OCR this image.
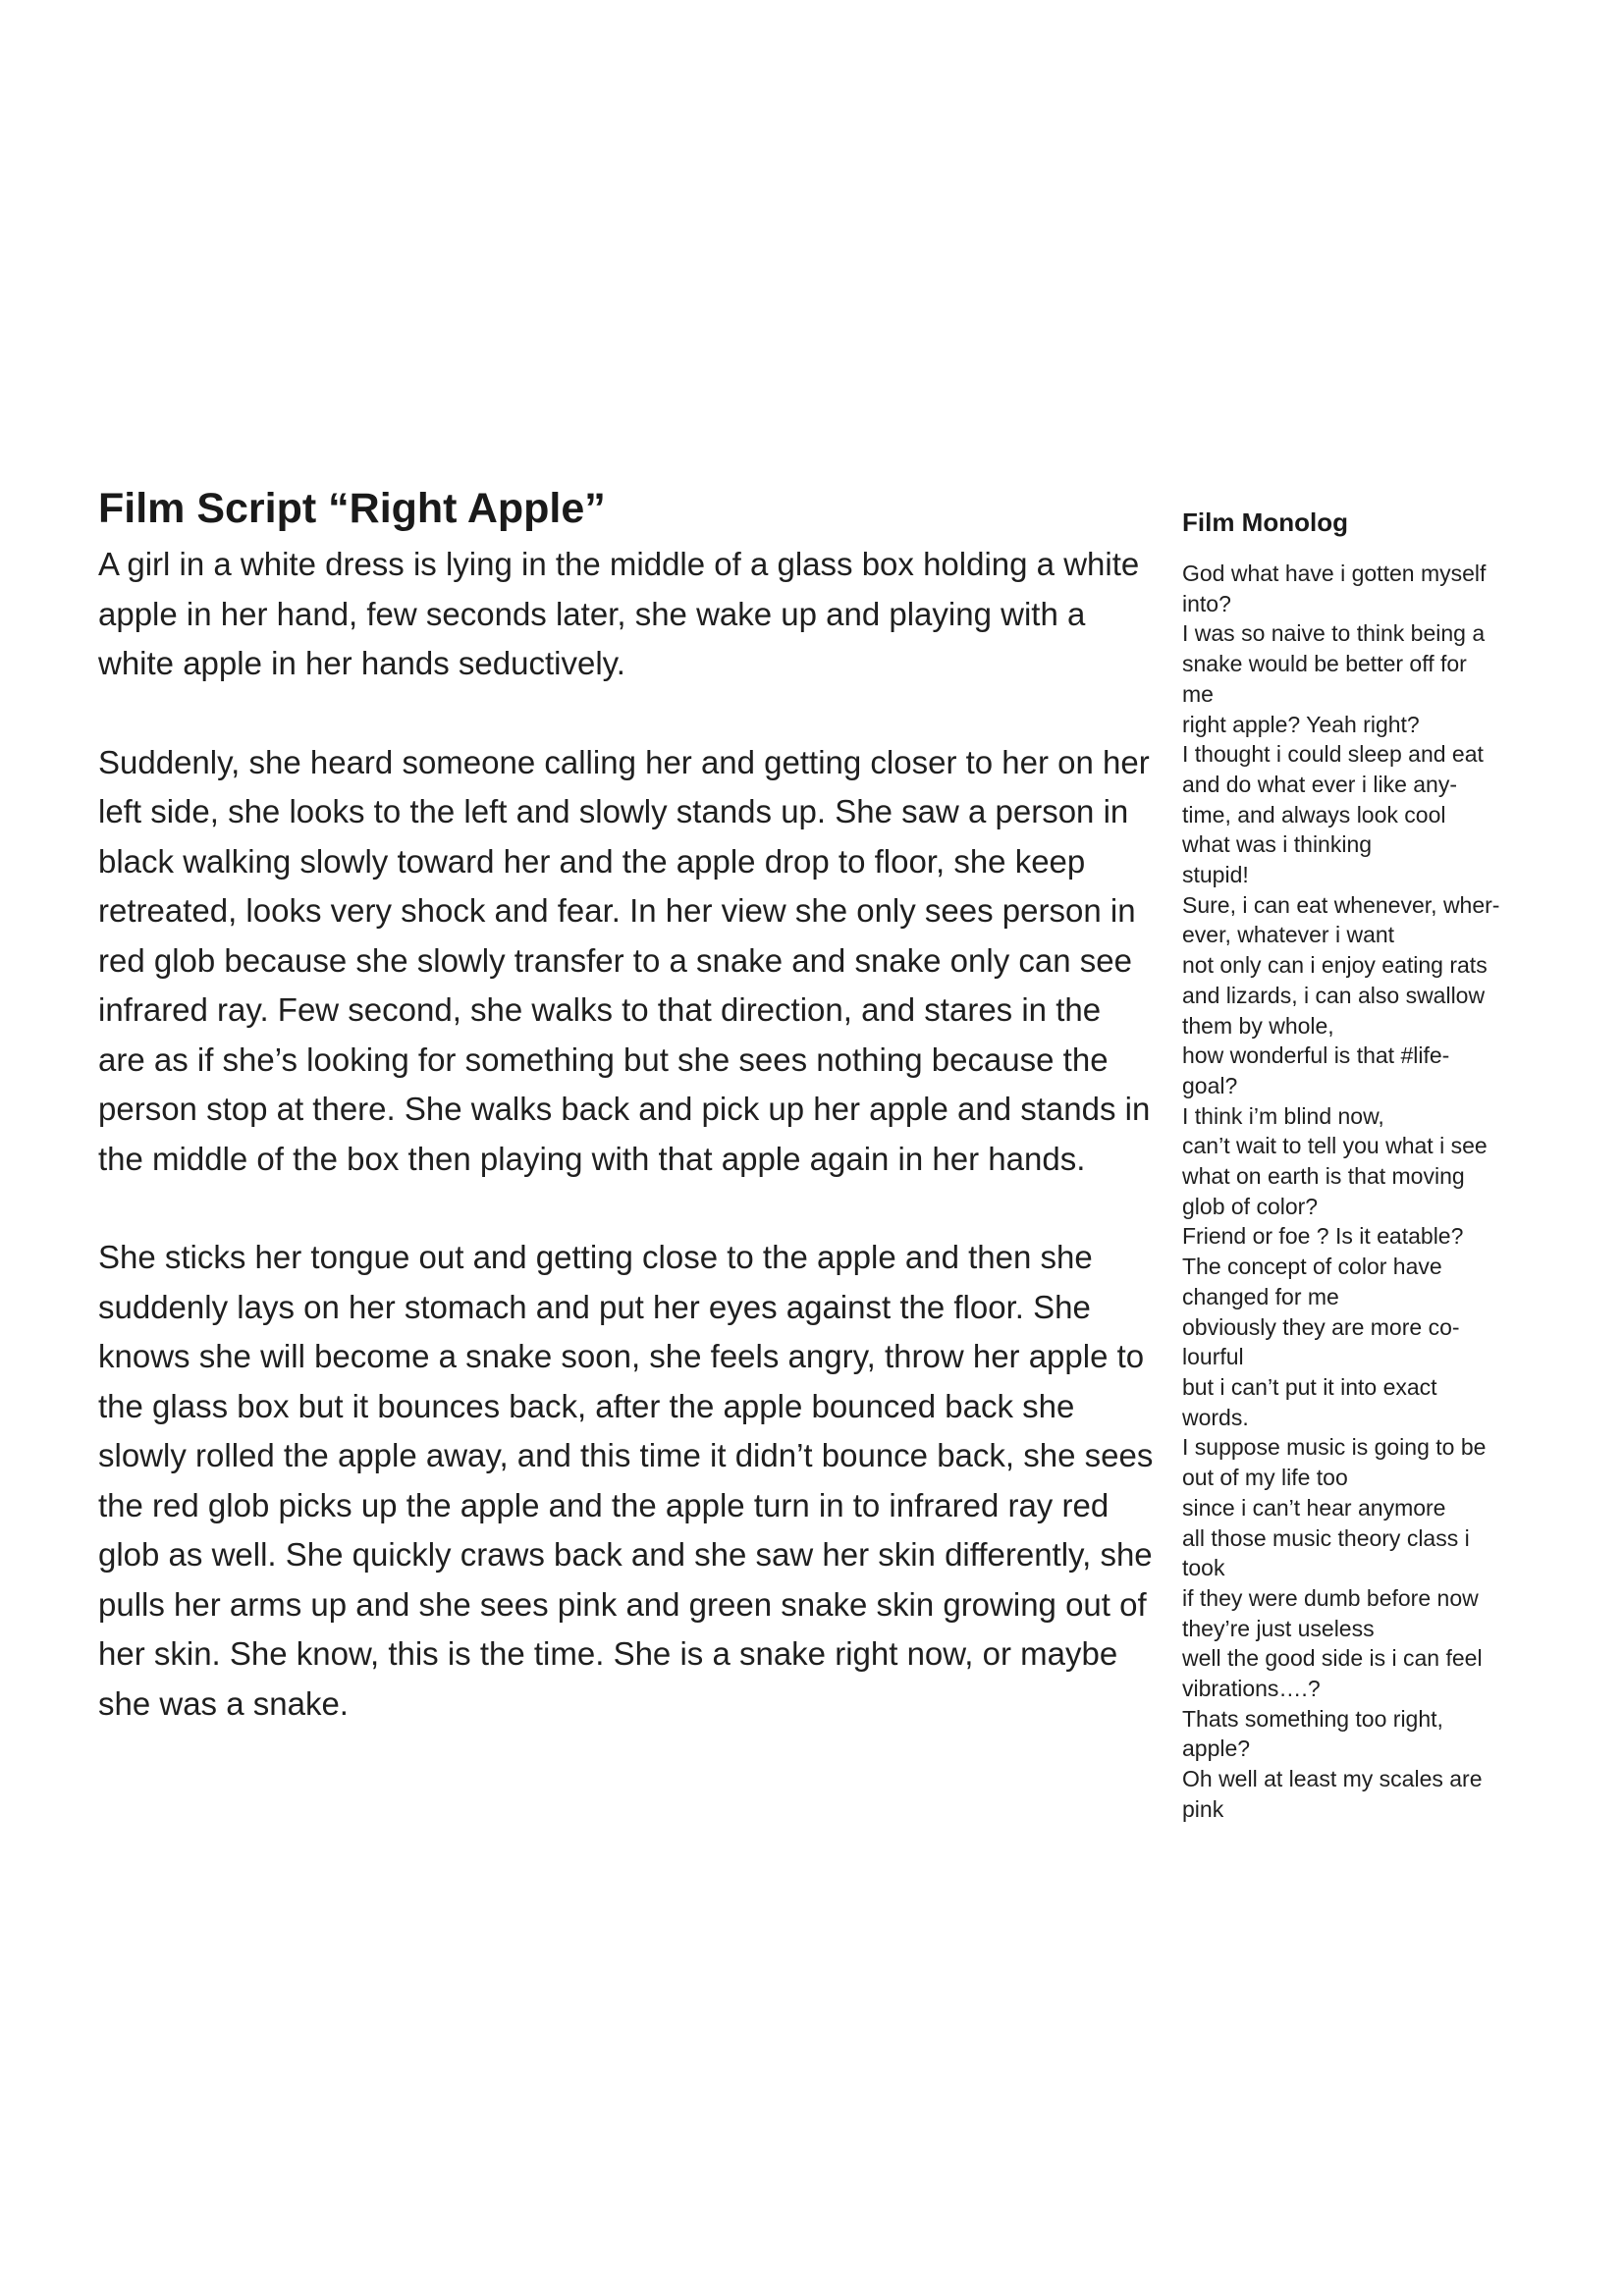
Film Script “Right Apple”

A girl in a white dress is lying in the middle of a glass box holding a white apple in her hand, few seconds later, she wake up and playing with a white apple in her hands seductively.

Suddenly, she heard someone calling her and getting closer to her on her left side, she looks to the left and slowly stands up. She saw a person in black walking slowly toward her and the apple drop to floor, she keep retreated, looks very shock and fear. In her view she only sees person in red glob because she slowly transfer to a snake and snake only can see infrared ray. Few second, she walks to that direction, and stares in the are as if she’s looking for something but she sees nothing because the person stop at there. She walks back and pick up her apple and stands in the middle of the box then playing with that apple again in her hands.

She sticks her tongue out and getting close to the apple and then she suddenly lays on her stomach and put her eyes against the floor. She knows she will become a snake soon, she feels angry, throw her apple to the glass box but it bounces back, after the apple bounced back she slowly rolled the apple away, and this time it didn’t bounce back, she sees the red glob picks up the apple and the apple turn in to infrared ray red glob as well. She quickly craws back and she saw her skin differently, she pulls her arms up and she sees pink and green snake skin growing out of her skin. She know, this is the time. She is a snake right now, or maybe she was a snake.

Film Monolog
God what have i gotten myself
into?
I was so naive to think being a
snake would be better off for
me
right apple? Yeah right?
I thought i could sleep and eat
and do what ever i like any-
time, and always look cool
what was i thinking
stupid!
Sure, i can eat whenever, wher-
ever, whatever i want
not only can i enjoy eating rats
and lizards, i can also swallow
them by whole,
how wonderful is that #life-
goal?
I think i’m blind now,
can’t wait to tell you what i see
what on earth is that moving
glob of color?
Friend or foe ? Is it eatable?
The concept of color have
changed for me
obviously they are more co-
lourful
but i can’t put it into exact
words.
I suppose music is going to be
out of my life too
since i can’t hear anymore
all those music theory class i
took
if they were dumb before now
they’re just useless
well the good side is i can feel
vibrations….?
Thats something too right,
apple?
Oh well at least my scales are
pink
